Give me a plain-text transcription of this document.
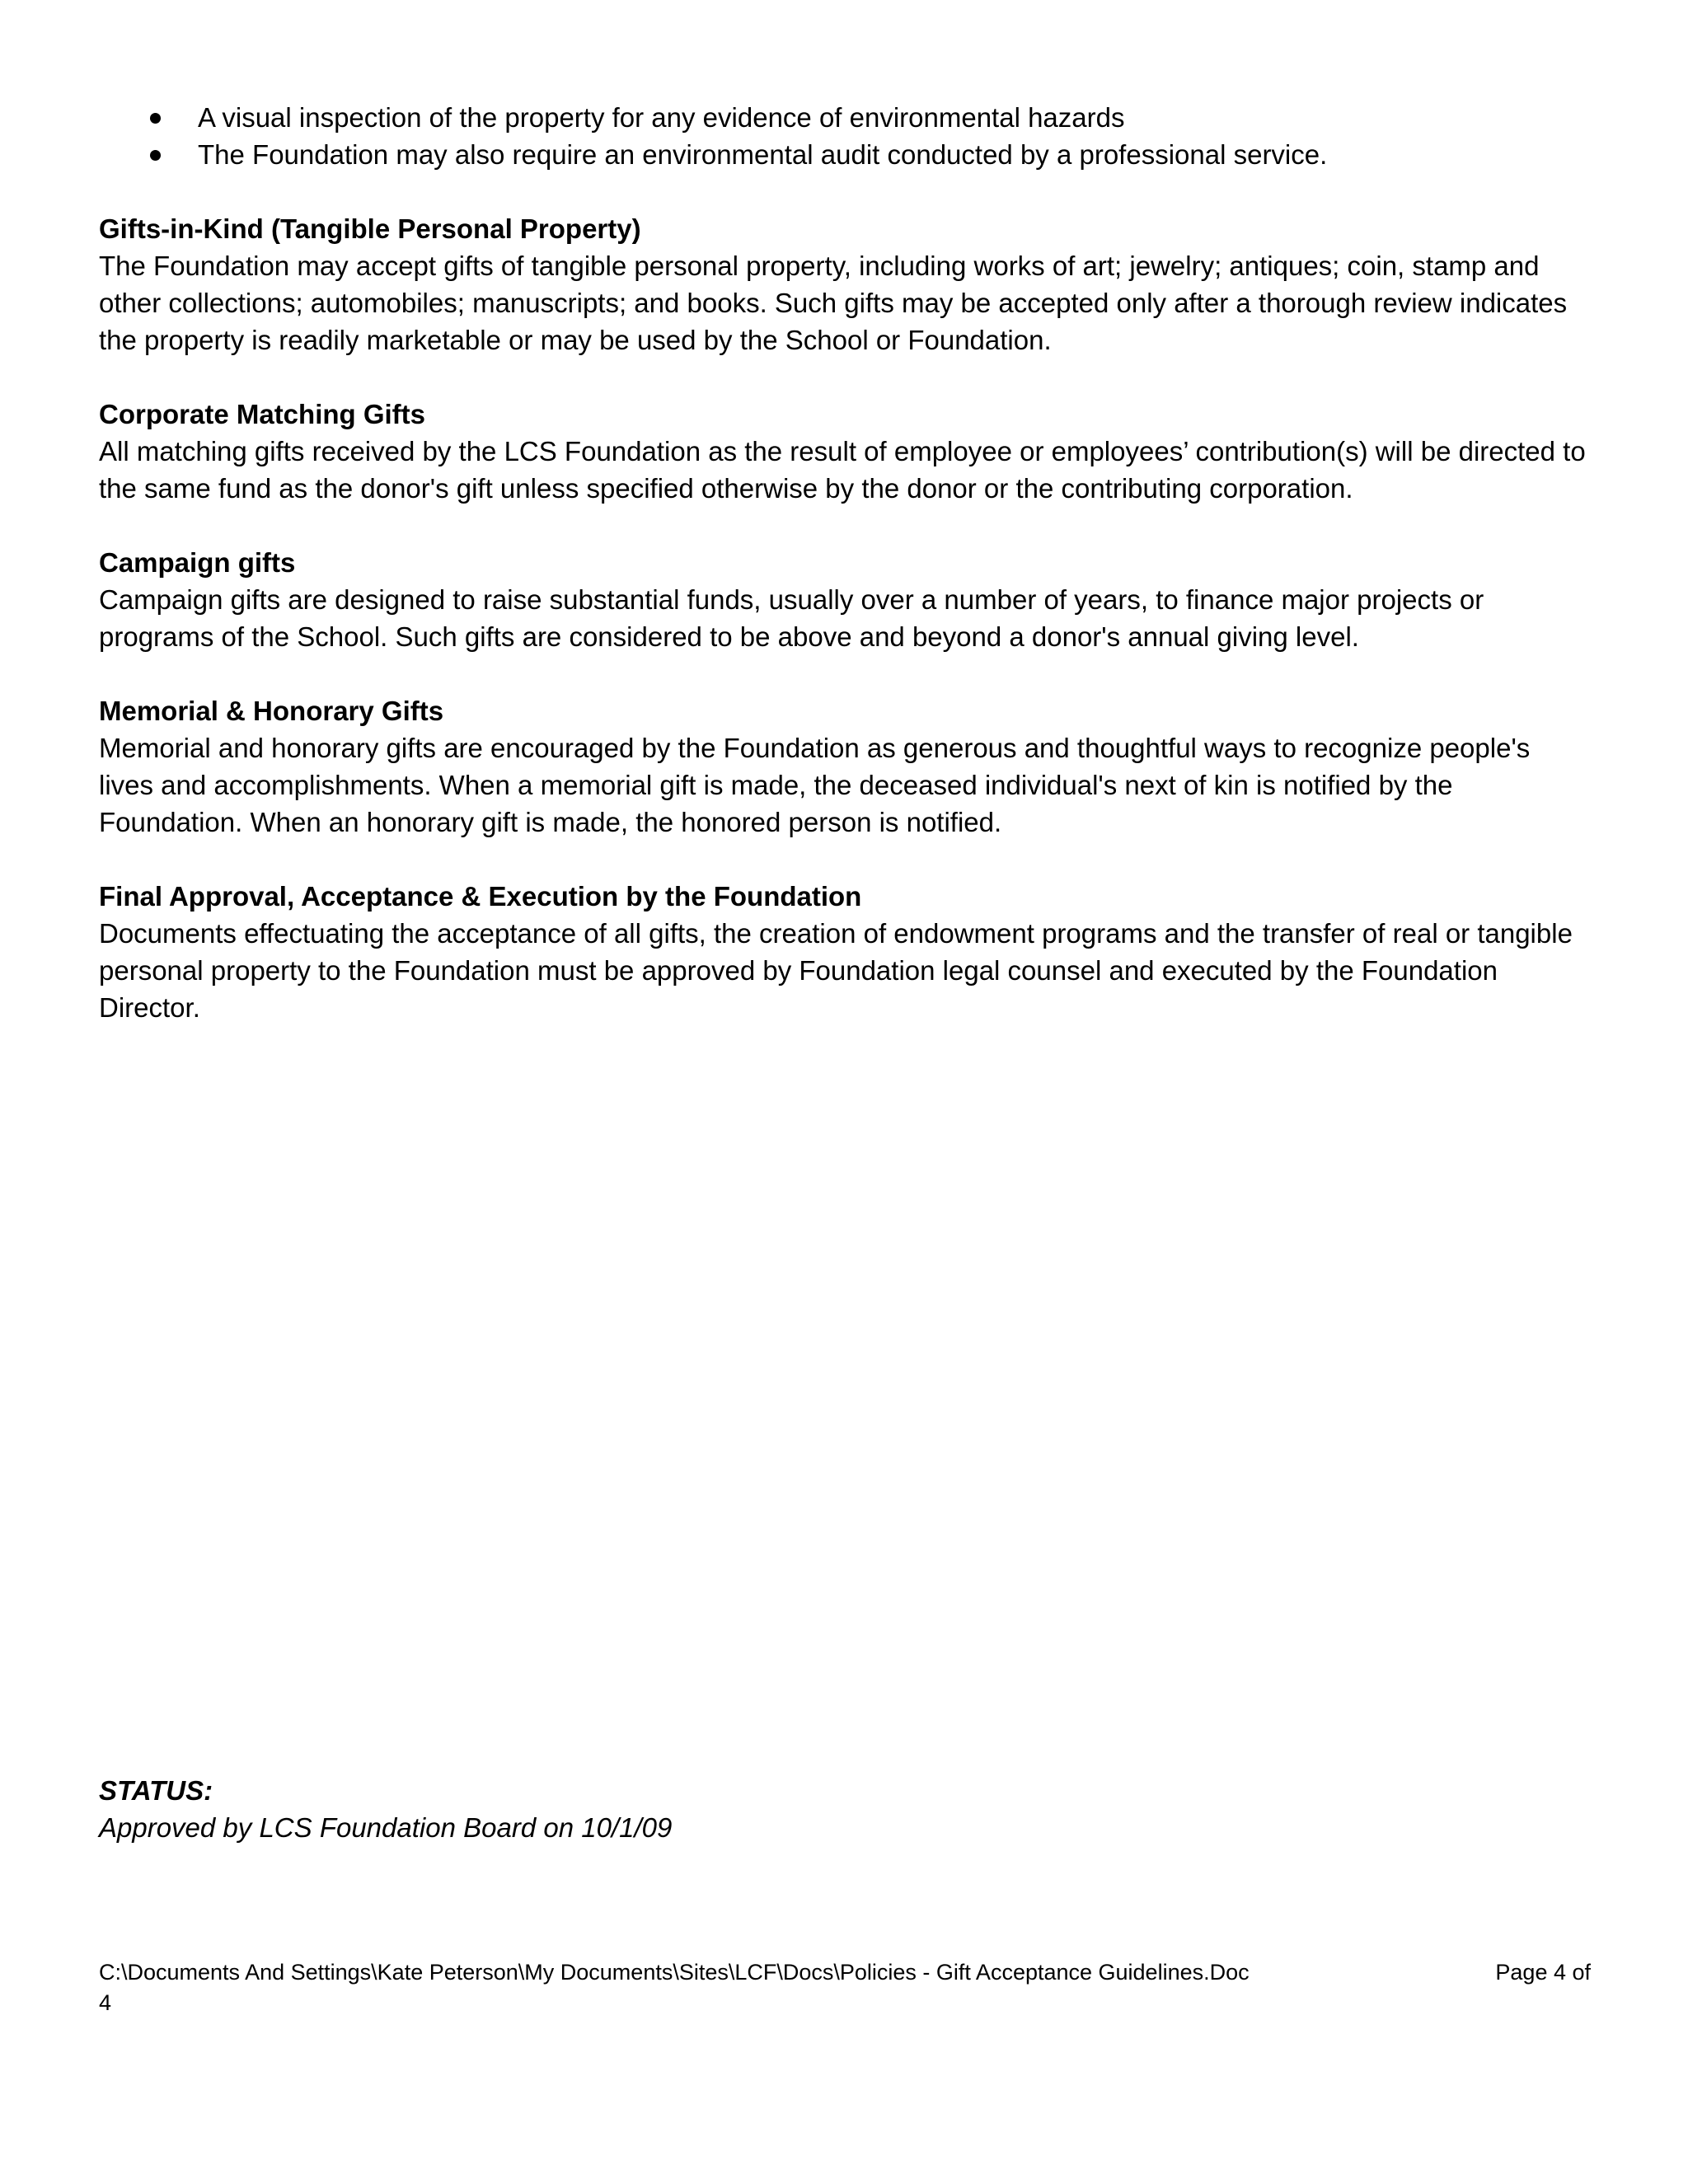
A visual inspection of the property for any evidence of environmental hazards
The Foundation may also require an environmental audit conducted by a professional service.
Gifts-in-Kind (Tangible Personal Property)

The Foundation may accept gifts of tangible personal property, including works of art; jewelry; antiques; coin, stamp and other collections; automobiles; manuscripts; and books. Such gifts may be accepted only after a thorough review indicates the property is readily marketable or may be used by the School or Foundation.

Corporate Matching Gifts

All matching gifts received by the LCS Foundation as the result of employee or employees’ contribution(s) will be directed to the same fund as the donor's gift unless specified otherwise by the donor or the contributing corporation.

Campaign gifts

Campaign gifts are designed to raise substantial funds, usually over a number of years, to finance major projects or programs of the School. Such gifts are considered to be above and beyond a donor's annual giving level.

Memorial & Honorary Gifts

Memorial and honorary gifts are encouraged by the Foundation as generous and thoughtful ways to recognize people's lives and accomplishments. When a memorial gift is made, the deceased individual's next of kin is notified by the Foundation. When an honorary gift is made, the honored person is notified.

Final Approval, Acceptance & Execution by the Foundation

Documents effectuating the acceptance of all gifts, the creation of endowment programs and the transfer of real or tangible personal property to the Foundation must be approved by Foundation legal counsel and executed by the Foundation Director.

STATUS:
Approved by LCS Foundation Board on 10/1/09
C:\Documents And Settings\Kate Peterson\My Documents\Sites\LCF\Docs\Policies - Gift Acceptance Guidelines.Doc	Page 4 of
4
